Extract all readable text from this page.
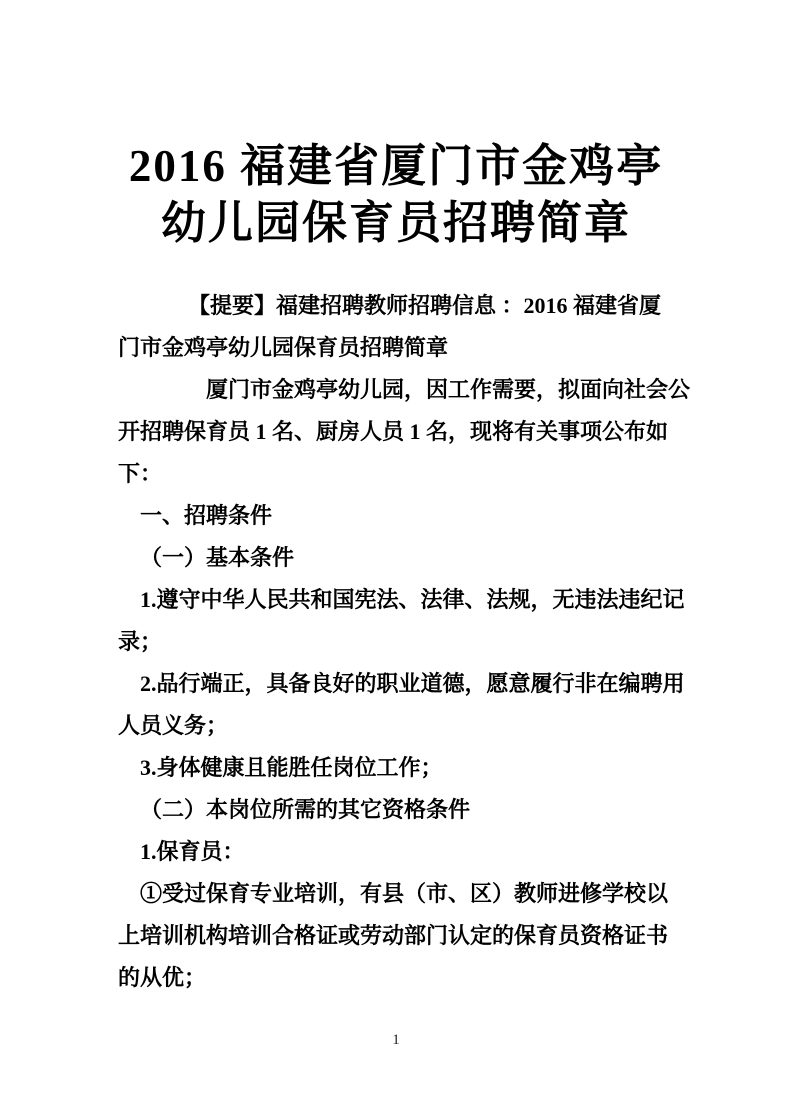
2016 福建省厦门市金鸡亭
幼儿园保育员招聘简章
【提要】福建招聘教师招聘信息 ：2016 福建省厦
门市金鸡亭幼儿园保育员招聘简章
厦门市金鸡亭幼儿园，因工作需要，拟面向社会公
开招聘保育员 1 名、厨房人员 1 名，现将有关事项公布如
下：
一、招聘条件
（一）基本条件
1.遵守中华人民共和国宪法、法律、法规，无违法违纪记
录；
2.品行端正，具备良好的职业道德，愿意履行非在编聘用
人员义务；
3.身体健康且能胜任岗位工作；
（二）本岗位所需的其它资格条件
1.保育员：
①受过保育专业培训，有县（市、区）教师进修学校以
上培训机构培训合格证或劳动部门认定的保育员资格证书
的从优；
1
